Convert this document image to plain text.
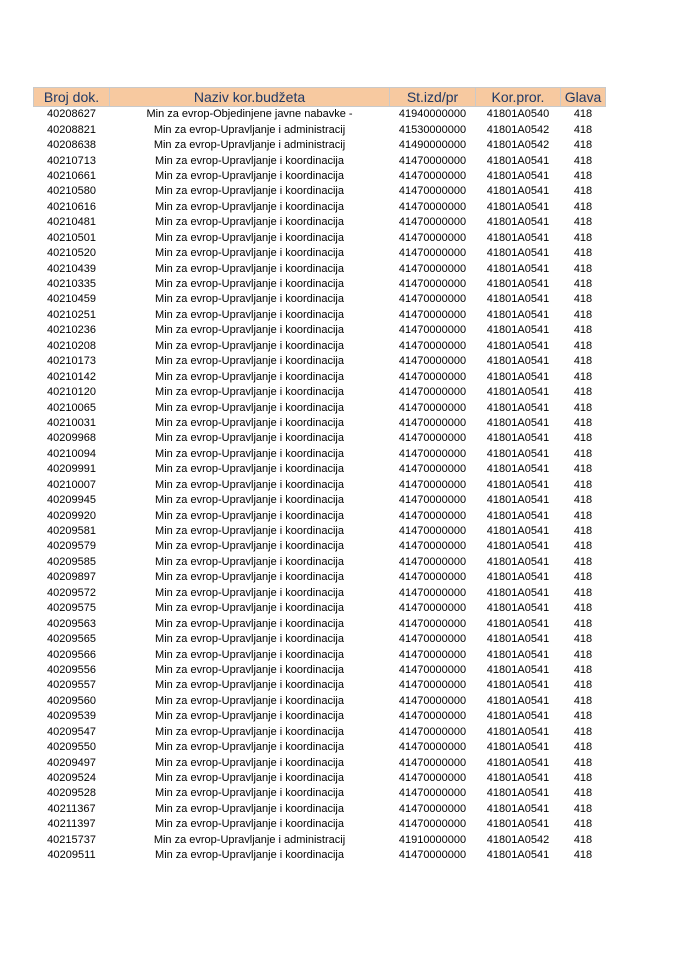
Broj dok.	Naziv kor.budžeta	St.izd/pr	Kor.pror.	Glava
40208627	Min za evrop-Objedinjene javne nabavke -	41940000000	41801A0540	418
40208821	Min za evrop-Upravljanje i administracij	41530000000	41801A0542	418
40208638	Min za evrop-Upravljanje i administracij	41490000000	41801A0542	418
40210713	Min za evrop-Upravljanje i koordinacija	41470000000	41801A0541	418
40210661	Min za evrop-Upravljanje i koordinacija	41470000000	41801A0541	418
40210580	Min za evrop-Upravljanje i koordinacija	41470000000	41801A0541	418
40210616	Min za evrop-Upravljanje i koordinacija	41470000000	41801A0541	418
40210481	Min za evrop-Upravljanje i koordinacija	41470000000	41801A0541	418
40210501	Min za evrop-Upravljanje i koordinacija	41470000000	41801A0541	418
40210520	Min za evrop-Upravljanje i koordinacija	41470000000	41801A0541	418
40210439	Min za evrop-Upravljanje i koordinacija	41470000000	41801A0541	418
40210335	Min za evrop-Upravljanje i koordinacija	41470000000	41801A0541	418
40210459	Min za evrop-Upravljanje i koordinacija	41470000000	41801A0541	418
40210251	Min za evrop-Upravljanje i koordinacija	41470000000	41801A0541	418
40210236	Min za evrop-Upravljanje i koordinacija	41470000000	41801A0541	418
40210208	Min za evrop-Upravljanje i koordinacija	41470000000	41801A0541	418
40210173	Min za evrop-Upravljanje i koordinacija	41470000000	41801A0541	418
40210142	Min za evrop-Upravljanje i koordinacija	41470000000	41801A0541	418
40210120	Min za evrop-Upravljanje i koordinacija	41470000000	41801A0541	418
40210065	Min za evrop-Upravljanje i koordinacija	41470000000	41801A0541	418
40210031	Min za evrop-Upravljanje i koordinacija	41470000000	41801A0541	418
40209968	Min za evrop-Upravljanje i koordinacija	41470000000	41801A0541	418
40210094	Min za evrop-Upravljanje i koordinacija	41470000000	41801A0541	418
40209991	Min za evrop-Upravljanje i koordinacija	41470000000	41801A0541	418
40210007	Min za evrop-Upravljanje i koordinacija	41470000000	41801A0541	418
40209945	Min za evrop-Upravljanje i koordinacija	41470000000	41801A0541	418
40209920	Min za evrop-Upravljanje i koordinacija	41470000000	41801A0541	418
40209581	Min za evrop-Upravljanje i koordinacija	41470000000	41801A0541	418
40209579	Min za evrop-Upravljanje i koordinacija	41470000000	41801A0541	418
40209585	Min za evrop-Upravljanje i koordinacija	41470000000	41801A0541	418
40209897	Min za evrop-Upravljanje i koordinacija	41470000000	41801A0541	418
40209572	Min za evrop-Upravljanje i koordinacija	41470000000	41801A0541	418
40209575	Min za evrop-Upravljanje i koordinacija	41470000000	41801A0541	418
40209563	Min za evrop-Upravljanje i koordinacija	41470000000	41801A0541	418
40209565	Min za evrop-Upravljanje i koordinacija	41470000000	41801A0541	418
40209566	Min za evrop-Upravljanje i koordinacija	41470000000	41801A0541	418
40209556	Min za evrop-Upravljanje i koordinacija	41470000000	41801A0541	418
40209557	Min za evrop-Upravljanje i koordinacija	41470000000	41801A0541	418
40209560	Min za evrop-Upravljanje i koordinacija	41470000000	41801A0541	418
40209539	Min za evrop-Upravljanje i koordinacija	41470000000	41801A0541	418
40209547	Min za evrop-Upravljanje i koordinacija	41470000000	41801A0541	418
40209550	Min za evrop-Upravljanje i koordinacija	41470000000	41801A0541	418
40209497	Min za evrop-Upravljanje i koordinacija	41470000000	41801A0541	418
40209524	Min za evrop-Upravljanje i koordinacija	41470000000	41801A0541	418
40209528	Min za evrop-Upravljanje i koordinacija	41470000000	41801A0541	418
40211367	Min za evrop-Upravljanje i koordinacija	41470000000	41801A0541	418
40211397	Min za evrop-Upravljanje i koordinacija	41470000000	41801A0541	418
40215737	Min za evrop-Upravljanje i administracij	41910000000	41801A0542	418
40209511	Min za evrop-Upravljanje i koordinacija	41470000000	41801A0541	418
